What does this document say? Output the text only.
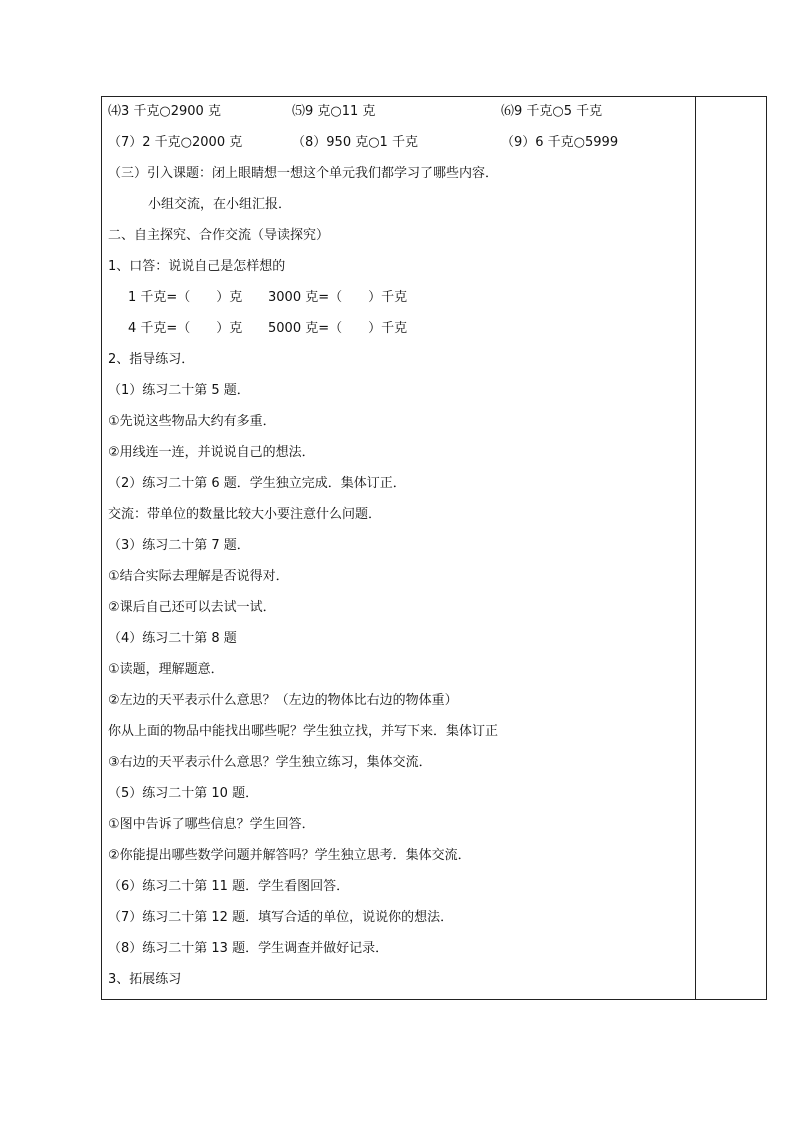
⑷3 千克○2900 克	⑸9 克○11 克	⑹9 千克○5 千克
（7）2 千克○2000 克	（8）950 克○1 千克	（9）6 千克○5999
（三）引入课题：闭上眼睛想一想这个单元我们都学习了哪些内容．
小组交流，在小组汇报．
二、自主探究、合作交流（导读探究）
1、口答：说说自己是怎样想的
1 千克=（　　）克 3000 克=（　　）千克
4 千克=（　　）克 5000 克=（　　）千克
2、指导练习．
（1）练习二十第 5 题．
①先说这些物品大约有多重．
②用线连一连，并说说自己的想法．
（2）练习二十第 6 题．学生独立完成．集体订正．
交流：带单位的数量比较大小要注意什么问题．
（3）练习二十第 7 题．
①结合实际去理解是否说得对．
②课后自己还可以去试一试．
（4）练习二十第 8 题
①读题，理解题意．
②左边的天平表示什么意思？（左边的物体比右边的物体重）
你从上面的物品中能找出哪些呢？学生独立找，并写下来．集体订正
③右边的天平表示什么意思？学生独立练习，集体交流．
（5）练习二十第 10 题．
①图中告诉了哪些信息？学生回答．
②你能提出哪些数学问题并解答吗？学生独立思考．集体交流．
（6）练习二十第 11 题．学生看图回答．
（7）练习二十第 12 题．填写合适的单位，说说你的想法．
（8）练习二十第 13 题．学生调查并做好记录．
3、拓展练习
